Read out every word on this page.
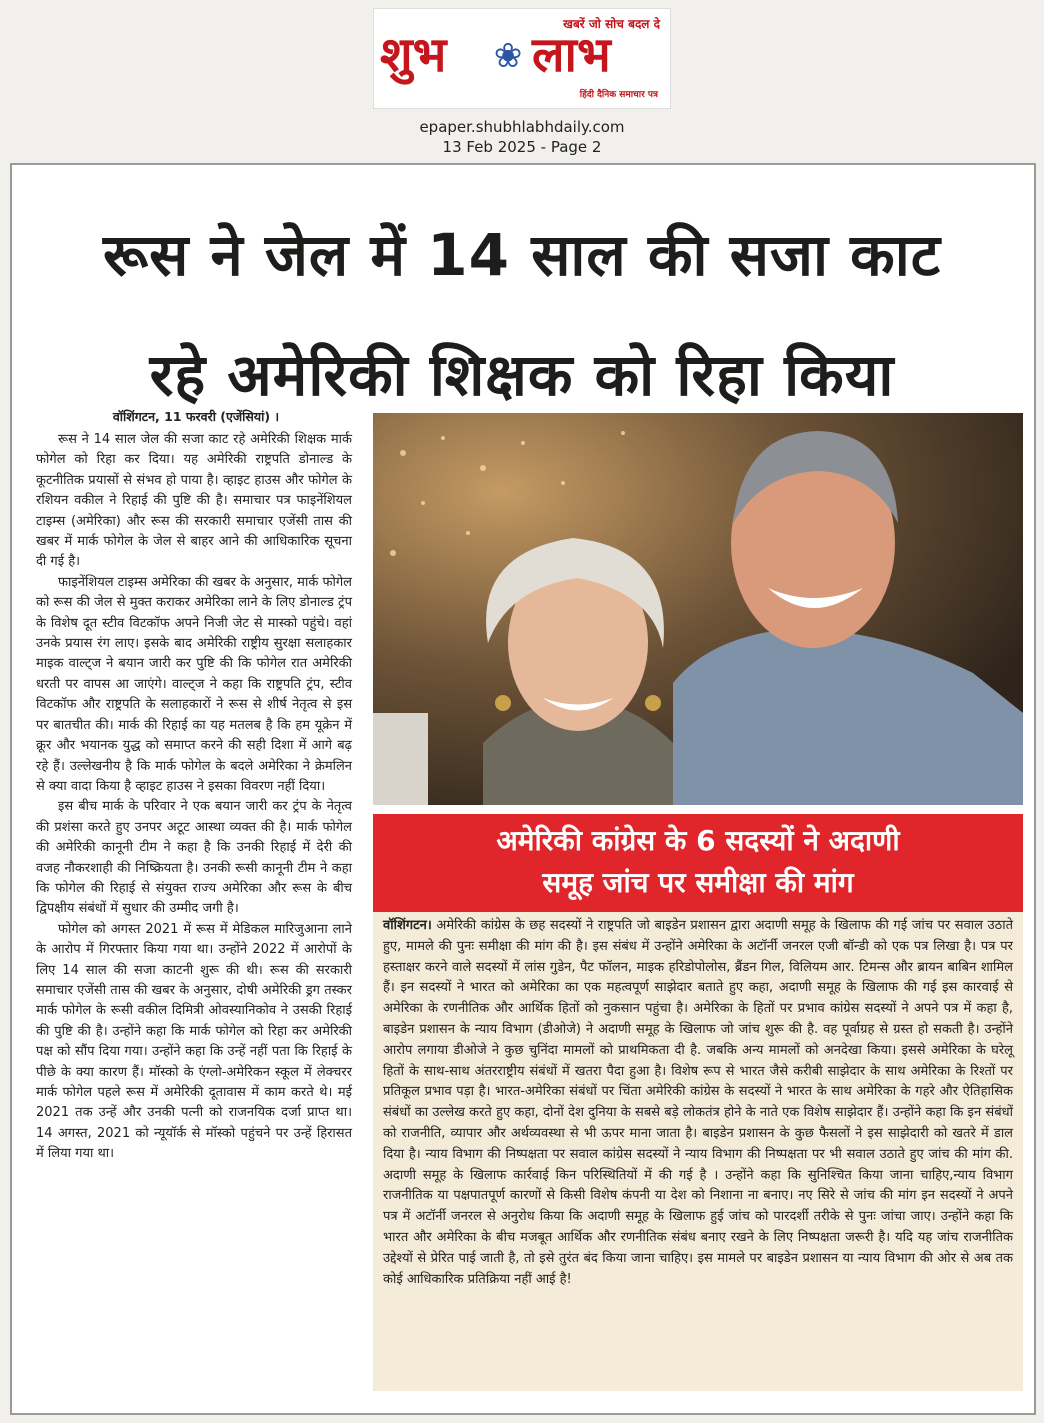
खबरें जो सोच बदल दे
शुभ ❀ लाभ
हिंदी दैनिक समाचार पत्र
epaper.shubhlabhdaily.com
13 Feb 2025 - Page 2
रूस ने जेल में 14 साल की सजा काट
रहे अमेरिकी शिक्षक को रिहा किया
वॉशिंगटन, 11 फरवरी (एजेंसियां) ।

रूस ने 14 साल जेल की सजा काट रहे अमेरिकी शिक्षक मार्क फोगेल को रिहा कर दिया। यह अमेरिकी राष्ट्रपति डोनाल्ड के कूटनीतिक प्रयासों से संभव हो पाया है। व्हाइट हाउस और फोगेल के रशियन वकील ने रिहाई की पुष्टि की है। समाचार पत्र फाइनेंशियल टाइम्स (अमेरिका) और रूस की सरकारी समाचार एजेंसी तास की खबर में मार्क फोगेल के जेल से बाहर आने की आधिकारिक सूचना दी गई है।

फाइनेंशियल टाइम्स अमेरिका की खबर के अनुसार, मार्क फोगेल को रूस की जेल से मुक्त कराकर अमेरिका लाने के लिए डोनाल्ड ट्रंप के विशेष दूत स्टीव विटकॉफ अपने निजी जेट से मास्को पहुंचे। वहां उनके प्रयास रंग लाए। इसके बाद अमेरिकी राष्ट्रीय सुरक्षा सलाहकार माइक वाल्ट्ज ने बयान जारी कर पुष्टि की कि फोगेल रात अमेरिकी धरती पर वापस आ जाएंगे। वाल्ट्ज ने कहा कि राष्ट्रपति ट्रंप, स्टीव विटकॉफ और राष्ट्रपति के सलाहकारों ने रूस से शीर्ष नेतृत्व से इस पर बातचीत की। मार्क की रिहाई का यह मतलब है कि हम यूक्रेन में क्रूर और भयानक युद्ध को समाप्त करने की सही दिशा में आगे बढ़ रहे हैं। उल्लेखनीय है कि मार्क फोगेल के बदले अमेरिका ने क्रेमलिन से क्या वादा किया है व्हाइट हाउस ने इसका विवरण नहीं दिया।

इस बीच मार्क के परिवार ने एक बयान जारी कर ट्रंप के नेतृत्व की प्रशंसा करते हुए उनपर अटूट आस्था व्यक्त की है। मार्क फोगेल की अमेरिकी कानूनी टीम ने कहा है कि उनकी रिहाई में देरी की वजह नौकरशाही की निष्क्रियता है। उनकी रूसी कानूनी टीम ने कहा कि फोगेल की रिहाई से संयुक्त राज्य अमेरिका और रूस के बीच द्विपक्षीय संबंधों में सुधार की उम्मीद जगी है।

फोगेल को अगस्त 2021 में रूस में मेडिकल मारिजुआना लाने के आरोप में गिरफ्तार किया गया था। उन्होंने 2022 में आरोपों के लिए 14 साल की सजा काटनी शुरू की थी। रूस की सरकारी समाचार एजेंसी तास की खबर के अनुसार, दोषी अमेरिकी ड्रग तस्कर मार्क फोगेल के रूसी वकील दिमित्री ओवस्यानिकोव ने उसकी रिहाई की पुष्टि की है। उन्होंने कहा कि मार्क फोगेल को रिहा कर अमेरिकी पक्ष को सौंप दिया गया। उन्होंने कहा कि उन्हें नहीं पता कि रिहाई के पीछे के क्या कारण हैं। मॉस्को के एंग्लो-अमेरिकन स्कूल में लेक्चरर मार्क फोगेल पहले रूस में अमेरिकी दूतावास में काम करते थे। मई 2021 तक उन्हें और उनकी पत्नी को राजनयिक दर्जा प्राप्त था। 14 अगस्त, 2021 को न्यूयॉर्क से मॉस्को पहुंचने पर उन्हें हिरासत में लिया गया था।

अमेरिकी कांग्रेस के 6 सदस्यों ने अदाणी
समूह जांच पर समीक्षा की मांग
वॉशिंगटन। अमेरिकी कांग्रेस के छह सदस्यों ने राष्ट्रपति जो बाइडेन प्रशासन द्वारा अदाणी समूह के खिलाफ की गई जांच पर सवाल उठाते हुए, मामले की पुनः समीक्षा की मांग की है। इस संबंध में उन्होंने अमेरिका के अटॉर्नी जनरल एजी बॉन्डी को एक पत्र लिखा है। पत्र पर हस्ताक्षर करने वाले सदस्यों में लांस गुडेन, पैट फॉलन, माइक हरिडोपोलोस, ब्रैंडन गिल, विलियम आर. टिमन्स और ब्रायन बाबिन शामिल हैं। इन सदस्यों ने भारत को अमेरिका का एक महत्वपूर्ण साझेदार बताते हुए कहा, अदाणी समूह के खिलाफ की गई इस कारवाई से अमेरिका के रणनीतिक और आर्थिक हितों को नुकसान पहुंचा है। अमेरिका के हितों पर प्रभाव कांग्रेस सदस्यों ने अपने पत्र में कहा है, बाइडेन प्रशासन के न्याय विभाग (डीओजे) ने अदाणी समूह के खिलाफ जो जांच शुरू की है. वह पूर्वाग्रह से ग्रस्त हो सकती है। उन्होंने आरोप लगाया डीओजे ने कुछ चुनिंदा मामलों को प्राथमिकता दी है. जबकि अन्य मामलों को अनदेखा किया। इससे अमेरिका के घरेलू हितों के साथ-साथ अंतरराष्ट्रीय संबंधों में खतरा पैदा हुआ है। विशेष रूप से भारत जैसे करीबी साझेदार के साथ अमेरिका के रिश्तों पर प्रतिकूल प्रभाव पड़ा है। भारत-अमेरिका संबंधों पर चिंता अमेरिकी कांग्रेस के सदस्यों ने भारत के साथ अमेरिका के गहरे और ऐतिहासिक संबंधों का उल्लेख करते हुए कहा, दोनों देश दुनिया के सबसे बड़े लोकतंत्र होने के नाते एक विशेष साझेदार हैं। उन्होंने कहा कि इन संबंधों को राजनीति, व्यापार और अर्थव्यवस्था से भी ऊपर माना जाता है। बाइडेन प्रशासन के कुछ फैसलों ने इस साझेदारी को खतरे में डाल दिया है। न्याय विभाग की निष्पक्षता पर सवाल कांग्रेस सदस्यों ने न्याय विभाग की निष्पक्षता पर भी सवाल उठाते हुए जांच की मांग की. अदाणी समूह के खिलाफ कार्रवाई किन परिस्थितियों में की गई है । उन्होंने कहा कि सुनिश्चित किया जाना चाहिए,न्याय विभाग राजनीतिक या पक्षपातपूर्ण कारणों से किसी विशेष कंपनी या देश को निशाना ना बनाए। नए सिरे से जांच की मांग इन सदस्यों ने अपने पत्र में अटॉर्नी जनरल से अनुरोध किया कि अदाणी समूह के खिलाफ हुई जांच को पारदर्शी तरीके से पुनः जांचा जाए। उन्होंने कहा कि भारत और अमेरिका के बीच मजबूत आर्थिक और रणनीतिक संबंध बनाए रखने के लिए निष्पक्षता जरूरी है। यदि यह जांच राजनीतिक उद्देश्यों से प्रेरित पाई जाती है, तो इसे तुरंत बंद किया जाना चाहिए। इस मामले पर बाइडेन प्रशासन या न्याय विभाग की ओर से अब तक कोई आधिकारिक प्रतिक्रिया नहीं आई है!
